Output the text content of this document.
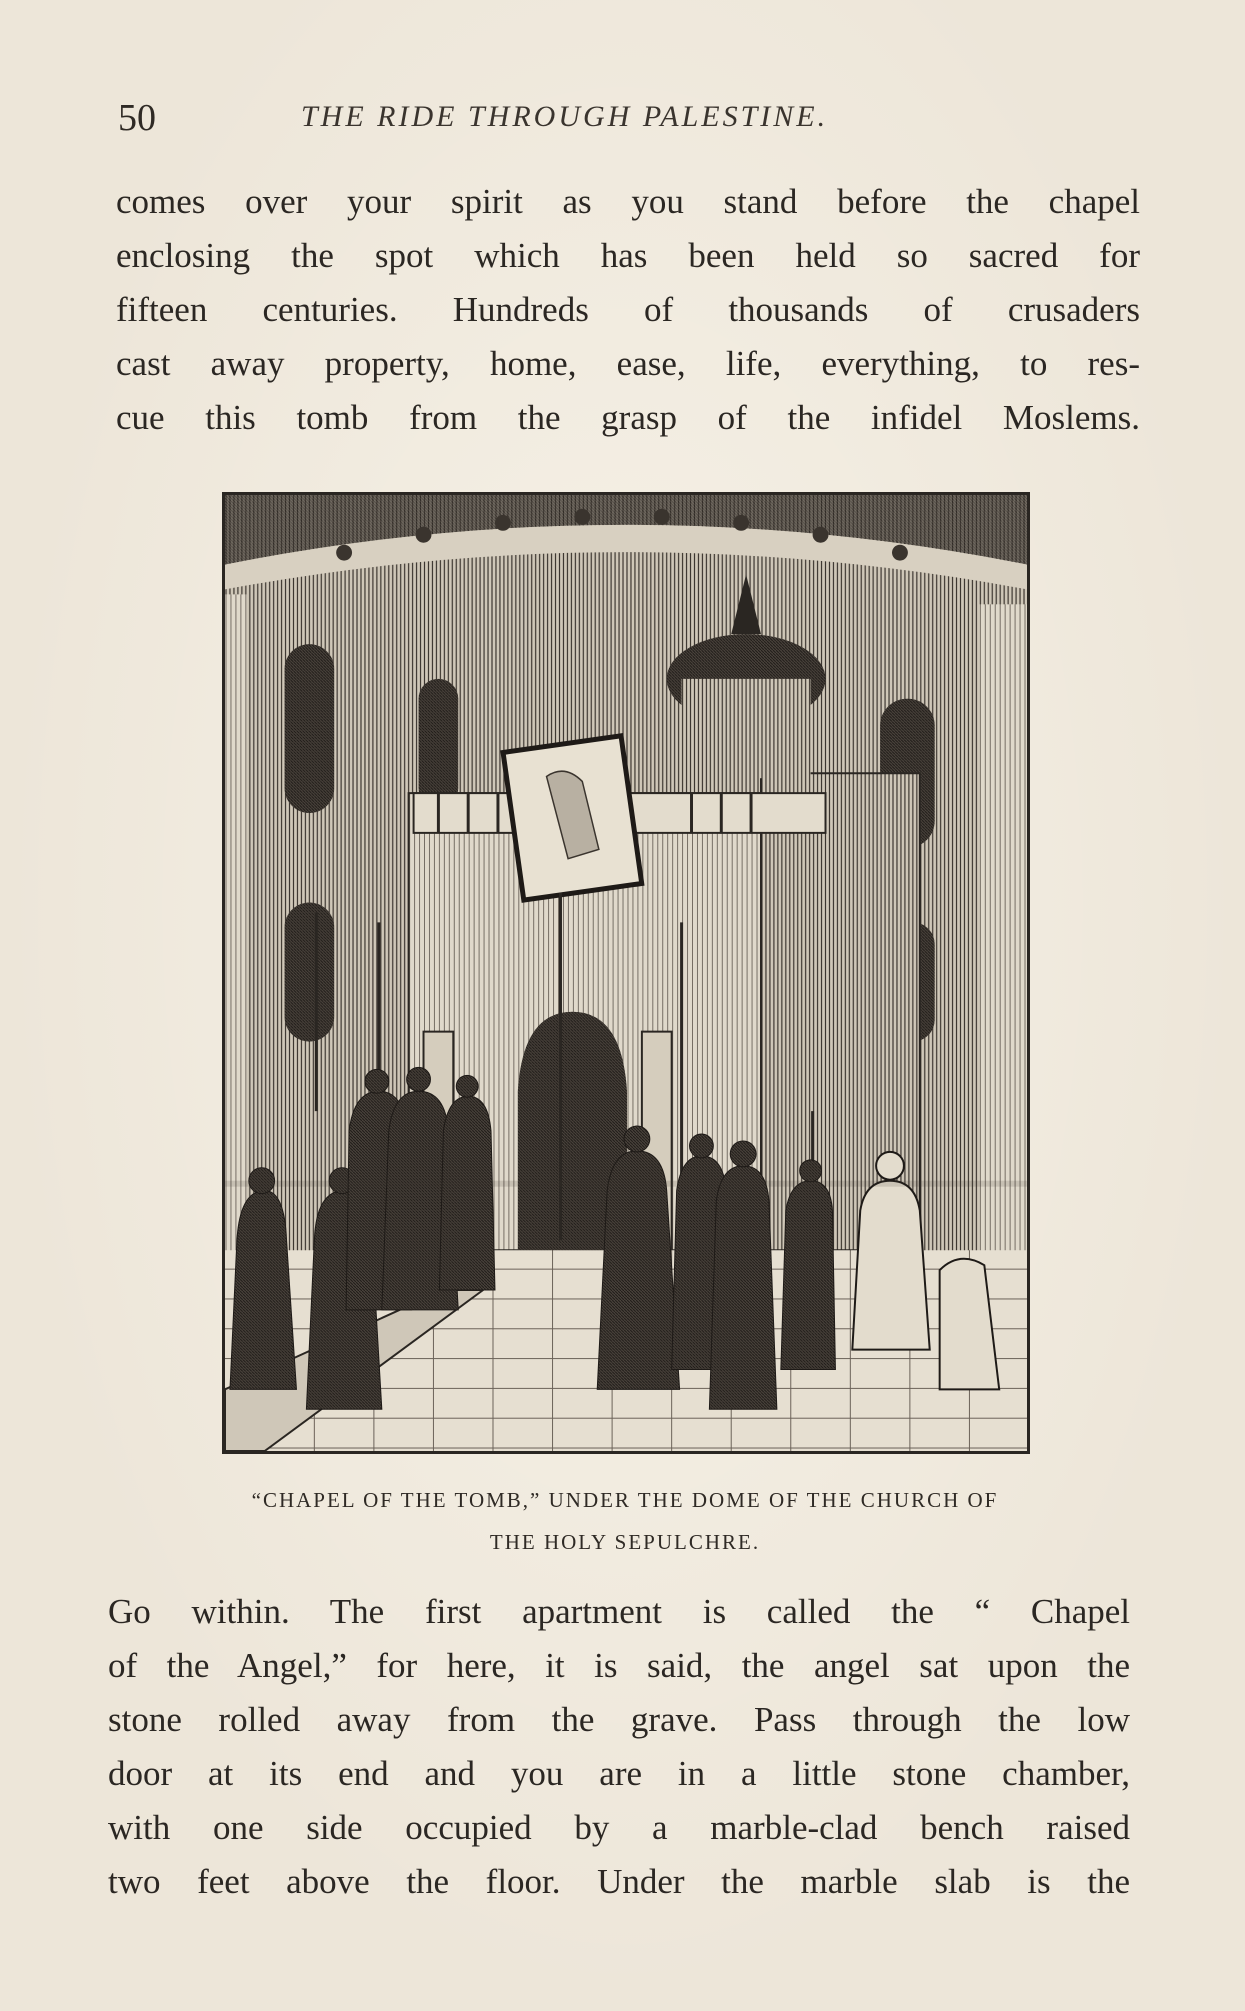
50	THE RIDE THROUGH PALESTINE.
comes over your spirit as you stand before the chapel
enclosing the spot which has been held so sacred for
fifteen centuries. Hundreds of thousands of crusaders
cast away property, home, ease, life, everything, to res-
cue this tomb from the grasp of the infidel Moslems.
“CHAPEL OF THE TOMB,” UNDER THE DOME OF THE CHURCH OF
THE HOLY SEPULCHRE.
Go within. The first apartment is called the “ Chapel
of the Angel,” for here, it is said, the angel sat upon the
stone rolled away from the grave. Pass through the low
door at its end and you are in a little stone chamber,
with one side occupied by a marble-clad bench raised
two feet above the floor. Under the marble slab is the
